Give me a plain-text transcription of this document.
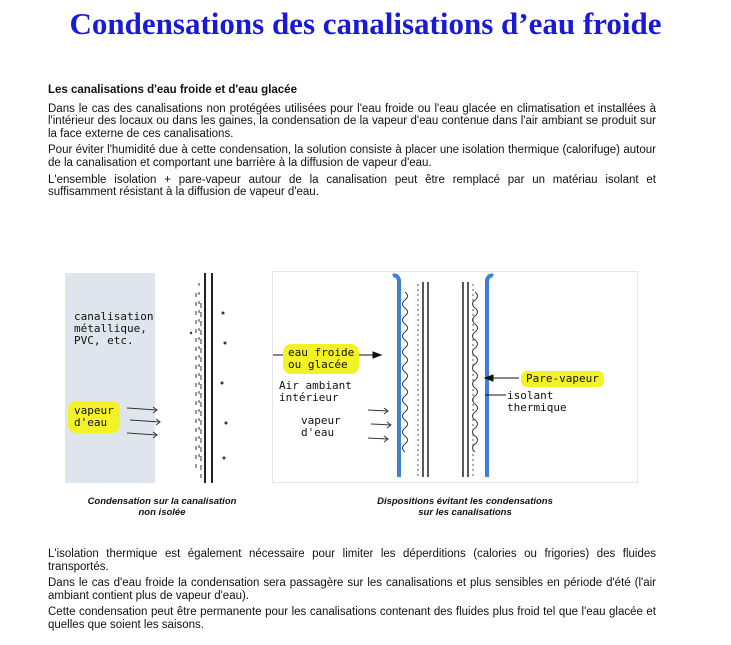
Condensations des canalisations d’eau froide
Les canalisations d'eau froide et d'eau glacée

Dans le cas des canalisations non protégées utilisées pour l'eau froide ou l'eau glacée en climatisation et installées à l'intérieur des locaux ou dans les gaines, la condensation de la vapeur d'eau contenue dans l'air ambiant se produit sur la face externe de ces canalisations.

Pour éviter l'humidité due à cette condensation, la solution consiste à placer une isolation thermique (calorifuge) autour de la canalisation et comportant une barrière à la diffusion de vapeur d'eau.

L'ensemble isolation + pare-vapeur autour de la canalisation peut être remplacé par un matériau isolant et suffisamment résistant à la diffusion de vapeur d'eau.

canalisation
métallique,
PVC, etc.
vapeur
d'eau
Condensation sur la canalisation
non isolée
eau froide
ou glacée
Air ambiant
intérieur
vapeur
d'eau
Pare-vapeur
isolant
thermique
Dispositions évitant les condensations
sur les canalisations

L'isolation thermique est également nécessaire pour limiter les déperditions (calories ou frigories) des fluides transportés.

Dans le cas d'eau froide la condensation sera passagère sur les canalisations et plus sensibles en période d'été (l'air ambiant contient plus de vapeur d'eau).

Cette condensation peut être permanente pour les canalisations contenant des fluides plus froid tel que l'eau glacée et quelles que soient les saisons.
